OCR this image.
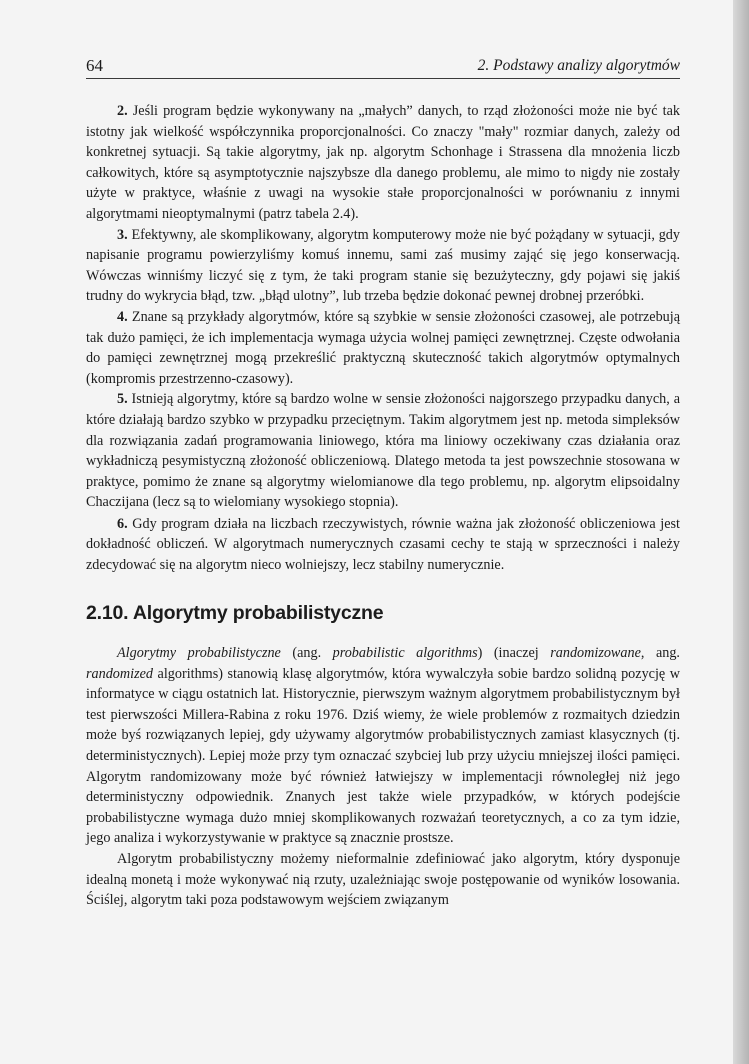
64	2. Podstawy analizy algorytmów

2. Jeśli program będzie wykonywany na „małych” danych, to rząd złożoności może nie być tak istotny jak wielkość współczynnika proporcjonalności. Co znaczy "mały" rozmiar danych, zależy od konkretnej sytuacji. Są takie algorytmy, jak np. algorytm Schonhage i Strassena dla mnożenia liczb całkowitych, które są asymptotycznie najszybsze dla danego problemu, ale mimo to nigdy nie zostały użyte w praktyce, właśnie z uwagi na wysokie stałe proporcjonalności w porównaniu z innymi algorytmami nieoptymalnymi (patrz tabela 2.4).

3. Efektywny, ale skomplikowany, algorytm komputerowy może nie być pożądany w sytuacji, gdy napisanie programu powierzyliśmy komuś innemu, sami zaś musimy zająć się jego konserwacją. Wówczas winniśmy liczyć się z tym, że taki program stanie się bezużyteczny, gdy pojawi się jakiś trudny do wykrycia błąd, tzw. „błąd ulotny”, lub trzeba będzie dokonać pewnej drobnej przeróbki.

4. Znane są przykłady algorytmów, które są szybkie w sensie złożoności czasowej, ale potrzebują tak dużo pamięci, że ich implementacja wymaga użycia wolnej pamięci zewnętrznej. Częste odwołania do pamięci zewnętrznej mogą przekreślić praktyczną skuteczność takich algorytmów optymalnych (kompromis przestrzenno-czasowy).

5. Istnieją algorytmy, które są bardzo wolne w sensie złożoności najgorszego przypadku danych, a które działają bardzo szybko w przypadku przeciętnym. Takim algorytmem jest np. metoda simpleksów dla rozwiązania zadań programowania liniowego, która ma liniowy oczekiwany czas działania oraz wykładniczą pesymistyczną złożoność obliczeniową. Dlatego metoda ta jest powszechnie stosowana w praktyce, pomimo że znane są algorytmy wielomianowe dla tego problemu, np. algorytm elipsoidalny Chaczijana (lecz są to wielomiany wysokiego stopnia).

6. Gdy program działa na liczbach rzeczywistych, równie ważna jak złożoność obliczeniowa jest dokładność obliczeń. W algorytmach numerycznych czasami cechy te stają w sprzeczności i należy zdecydować się na algorytm nieco wolniejszy, lecz stabilny numerycznie.

2.10. Algorytmy probabilistyczne

Algorytmy probabilistyczne (ang. probabilistic algorithms) (inaczej randomizowane, ang. randomized algorithms) stanowią klasę algorytmów, która wywalczyła sobie bardzo solidną pozycję w informatyce w ciągu ostatnich lat. Historycznie, pierwszym ważnym algorytmem probabilistycznym był test pierwszości Millera-Rabina z roku 1976. Dziś wiemy, że wiele problemów z rozmaitych dziedzin może byś rozwiązanych lepiej, gdy używamy algorytmów probabilistycznych zamiast klasycznych (tj. deterministycznych). Lepiej może przy tym oznaczać szybciej lub przy użyciu mniejszej ilości pamięci. Algorytm randomizowany może być również łatwiejszy w implementacji równoległej niż jego deterministyczny odpowiednik. Znanych jest także wiele przypadków, w których podejście probabilistyczne wymaga dużo mniej skomplikowanych rozważań teoretycznych, a co za tym idzie, jego analiza i wykorzystywanie w praktyce są znacznie prostsze.

Algorytm probabilistyczny możemy nieformalnie zdefiniować jako algorytm, który dysponuje idealną monetą i może wykonywać nią rzuty, uzależniając swoje postępowanie od wyników losowania. Ściślej, algorytm taki poza podstawowym wejściem związanym
